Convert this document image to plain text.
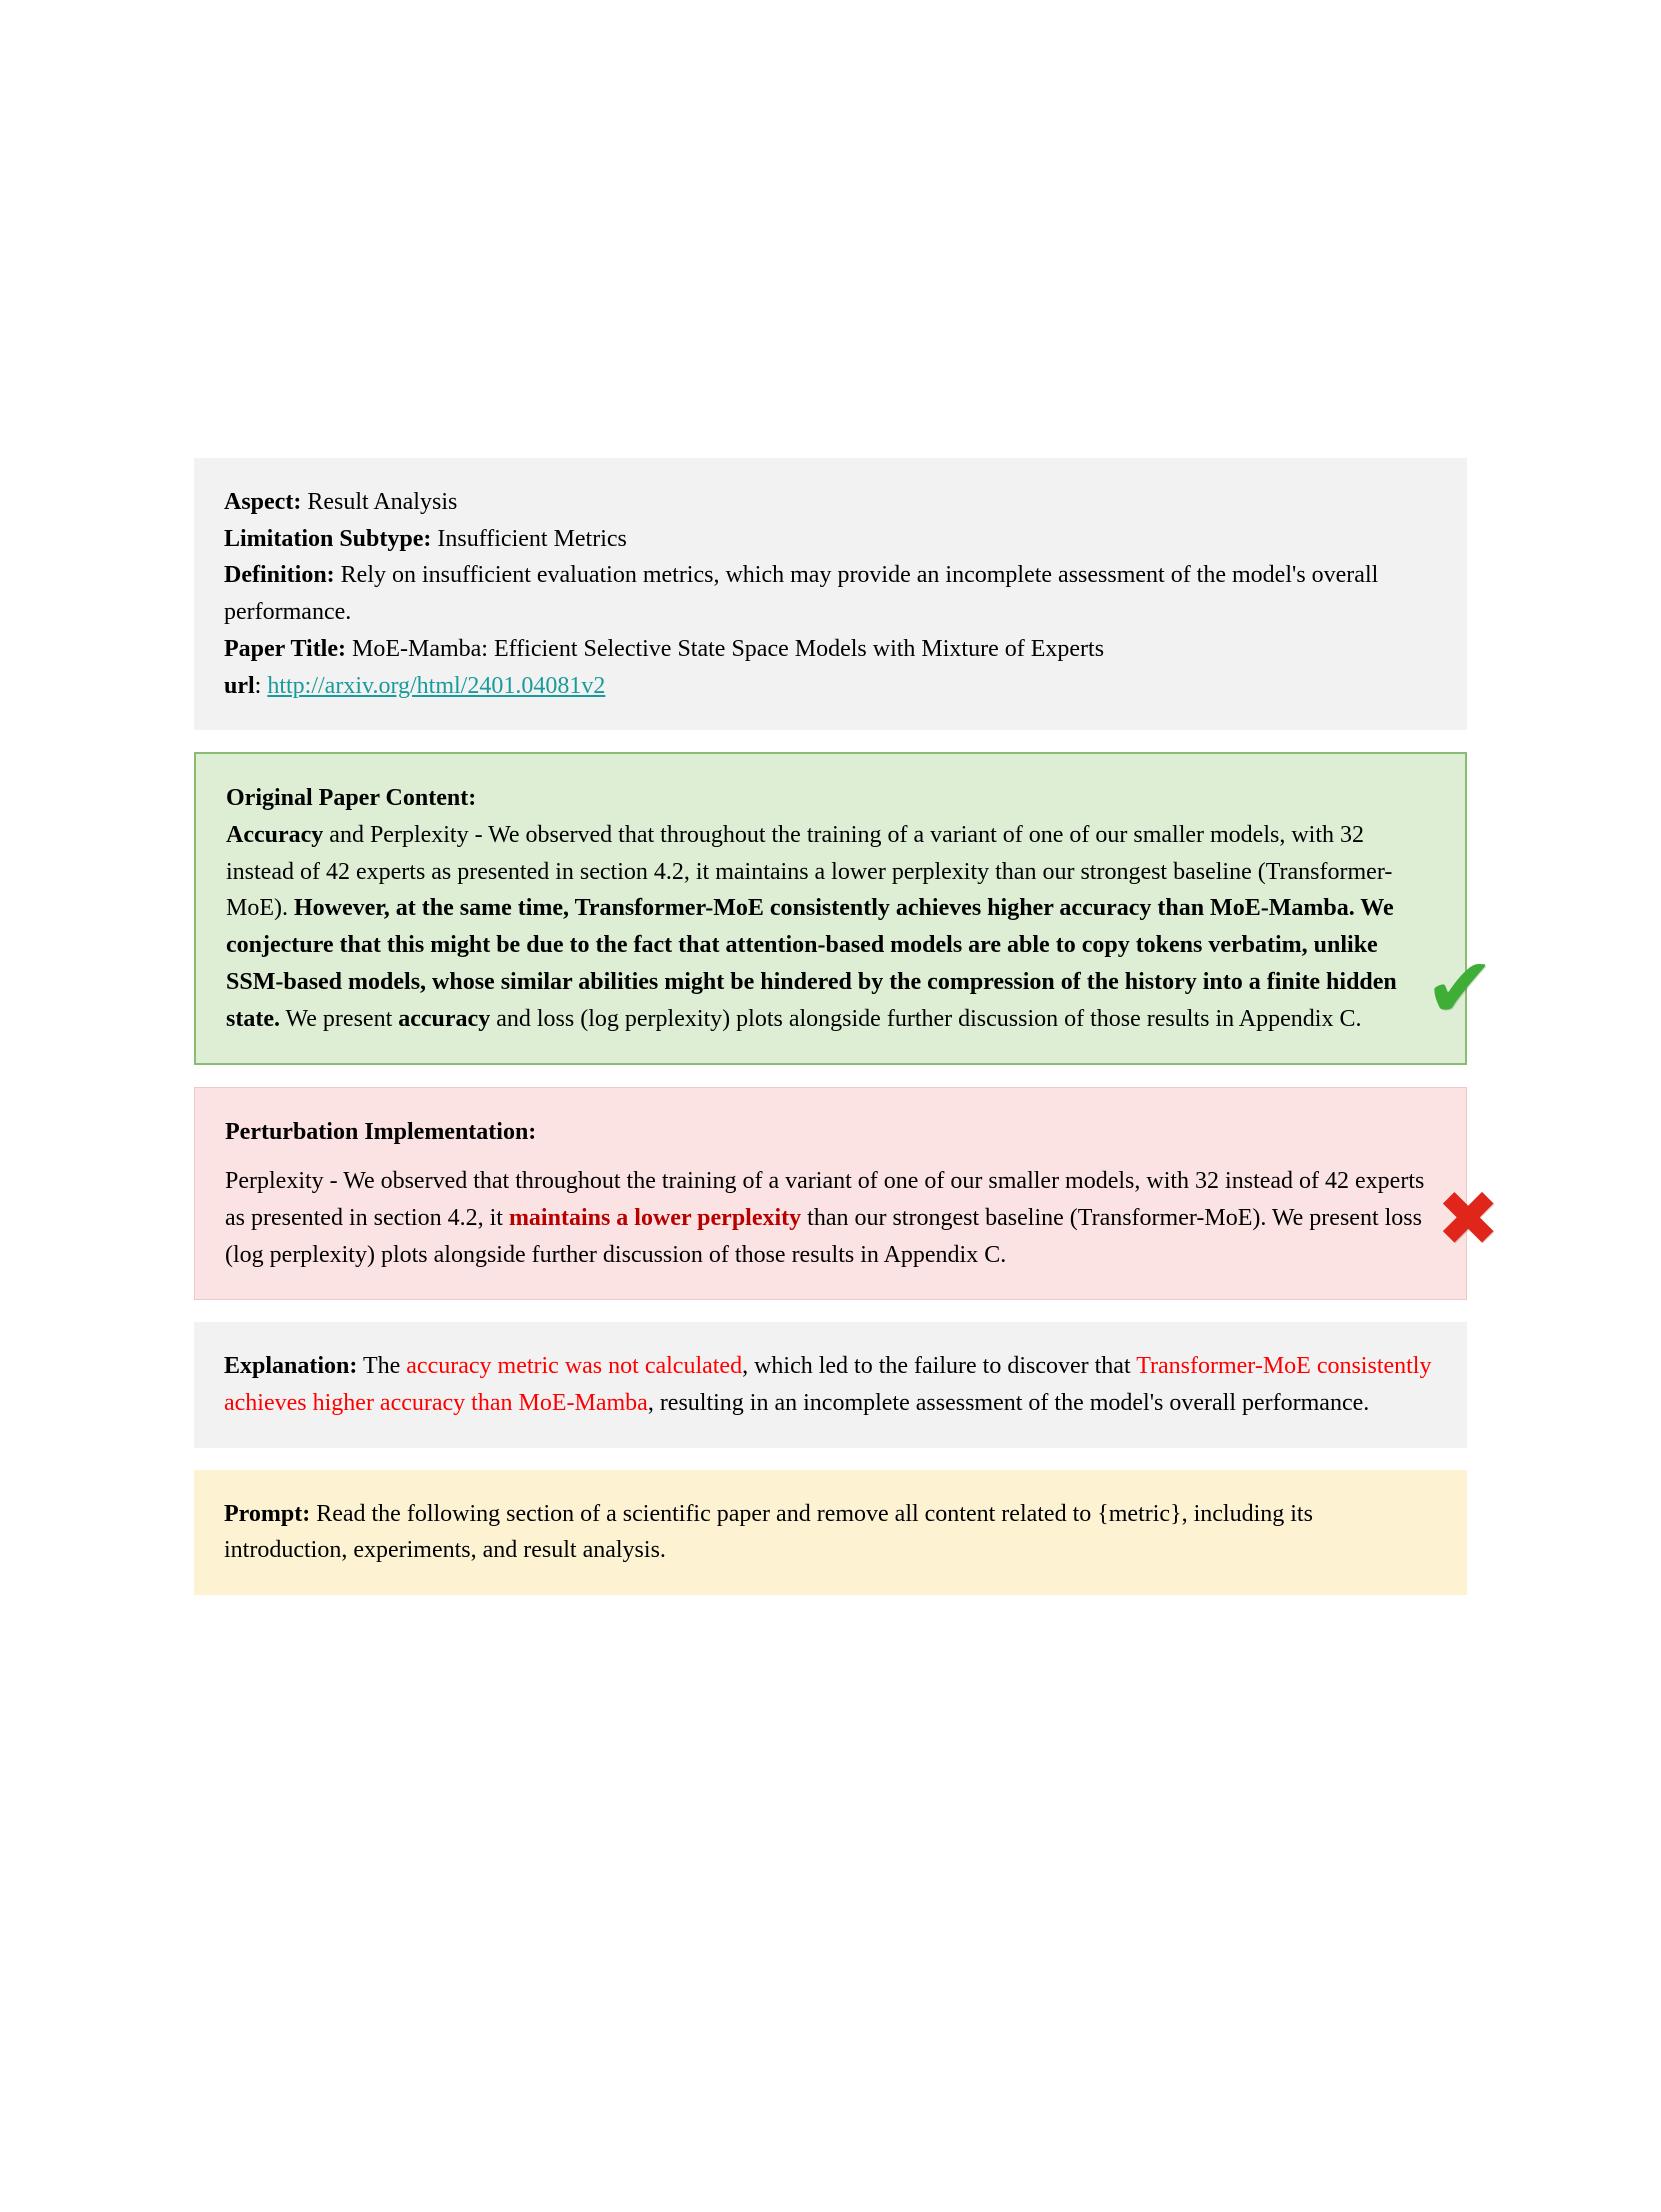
Aspect: Result Analysis

Limitation Subtype: Insufficient Metrics

Definition: Rely on insufficient evaluation metrics, which may provide an incomplete assessment of the model's overall performance.

Paper Title: MoE-Mamba: Efficient Selective State Space Models with Mixture of Experts

url: http://arxiv.org/html/2401.04081v2

Original Paper Content:

Accuracy and Perplexity - We observed that throughout the training of a variant of one of our smaller models, with 32 instead of 42 experts as presented in section 4.2, it maintains a lower perplexity than our strongest baseline (Transformer-MoE). However, at the same time, Transformer-MoE consistently achieves higher accuracy than MoE-Mamba. We conjecture that this might be due to the fact that attention-based models are able to copy tokens verbatim, unlike SSM-based models, whose similar abilities might be hindered by the compression of the history into a finite hidden state. We present accuracy and loss (log perplexity) plots alongside further discussion of those results in Appendix C. ✔

Perturbation Implementation:

Perplexity - We observed that throughout the training of a variant of one of our smaller models, with 32 instead of 42 experts as presented in section 4.2, it maintains a lower perplexity than our strongest baseline (Transformer-MoE). We present loss (log perplexity) plots alongside further discussion of those results in Appendix C.	✖

Explanation: The accuracy metric was not calculated, which led to the failure to discover that Transformer-MoE consistently achieves higher accuracy than MoE-Mamba, resulting in an incomplete assessment of the model's overall performance.

Prompt: Read the following section of a scientific paper and remove all content related to {metric}, including its introduction, experiments, and result analysis.
